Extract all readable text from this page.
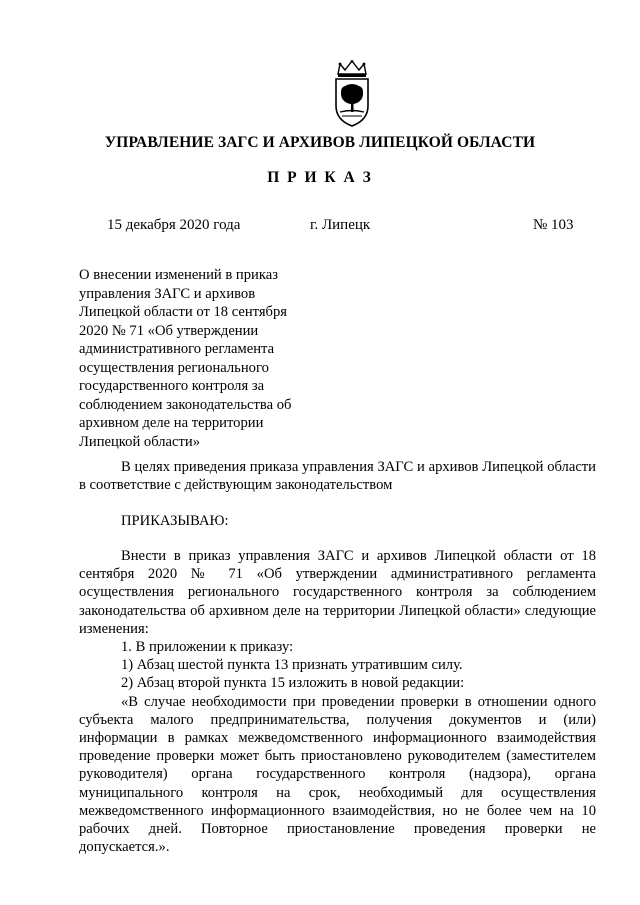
УПРАВЛЕНИЕ ЗАГС И АРХИВОВ ЛИПЕЦКОЙ ОБЛАСТИ
П Р И К А З
15 декабря 2020 года	г. Липецк	№ 103
О внесении изменений в приказ
управления ЗАГС и архивов
Липецкой области от 18 сентября
2020 № 71 «Об утверждении
административного регламента
осуществления регионального
государственного контроля за
соблюдением законодательства об
архивном деле на территории
Липецкой области»

В целях приведения приказа управления ЗАГС и архивов Липецкой области в соответствие с действующим законодательством

ПРИКАЗЫВАЮ:

Внести в приказ управления ЗАГС и архивов Липецкой области от 18 сентября 2020 № 71 «Об утверждении административного регламента осуществления регионального государственного контроля за соблюдением законодательства об архивном деле на территории Липецкой области» следующие изменения:

1. В приложении к приказу:

1) Абзац шестой пункта 13 признать утратившим силу.

2) Абзац второй пункта 15 изложить в новой редакции:

«В случае необходимости при проведении проверки в отношении одного субъекта малого предпринимательства, получения документов и (или) информации в рамках межведомственного информационного взаимодействия проведение проверки может быть приостановлено руководителем (заместителем руководителя) органа государственного контроля (надзора), органа муниципального контроля на срок, необходимый для осуществления межведомственного информационного взаимодействия, но не более чем на 10 рабочих дней. Повторное приостановление проведения проверки не допускается.».
